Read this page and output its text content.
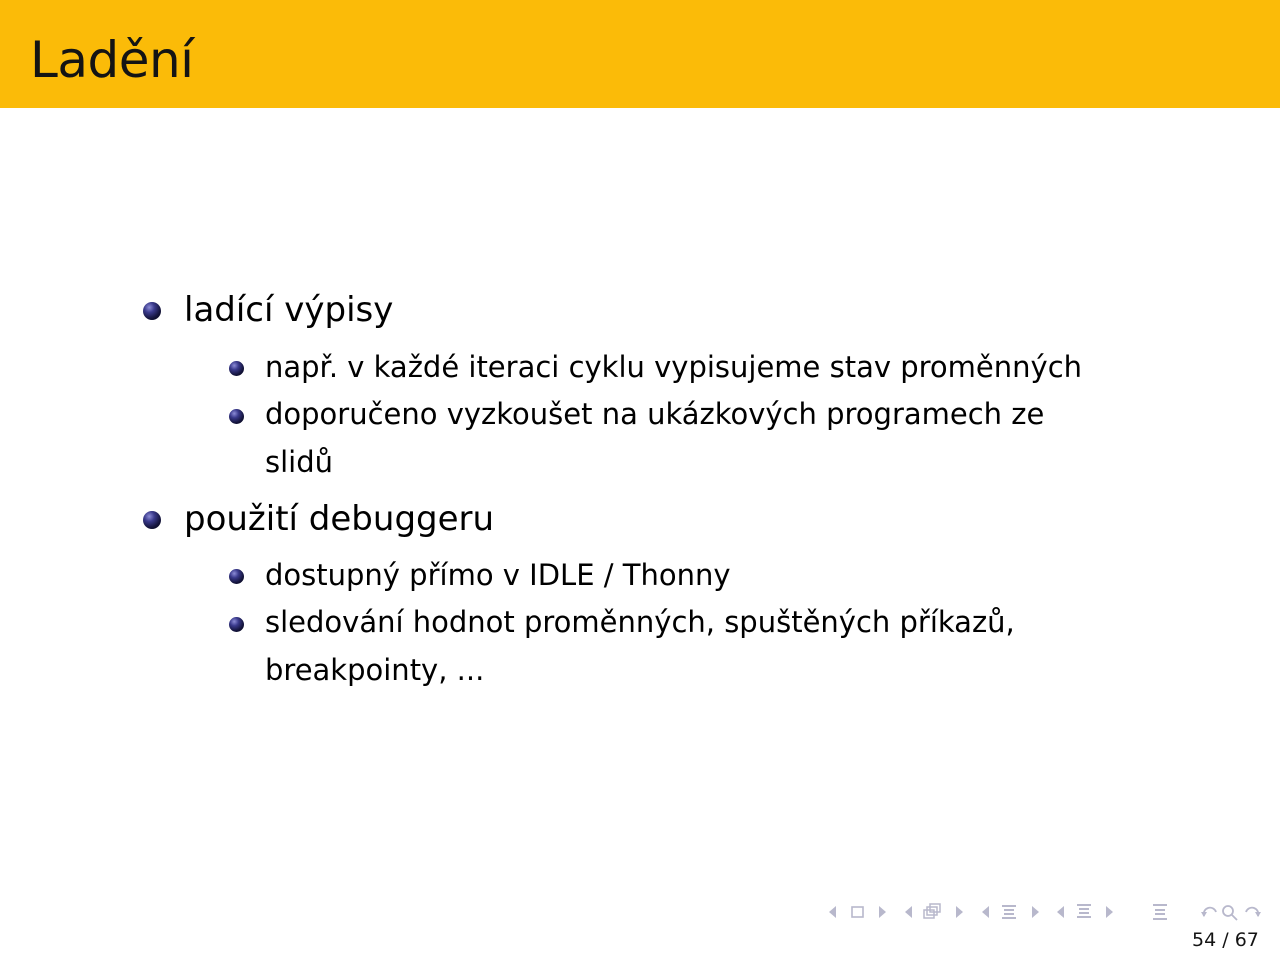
Ladění
ladící výpisy
např. v každé iteraci cyklu vypisujeme stav proměnných
doporučeno vyzkoušet na ukázkových programech ze
slidů
použití debuggeru
dostupný přímo v IDLE / Thonny
sledování hodnot proměnných, spuštěných příkazů,
breakpointy, ...
54 / 67
